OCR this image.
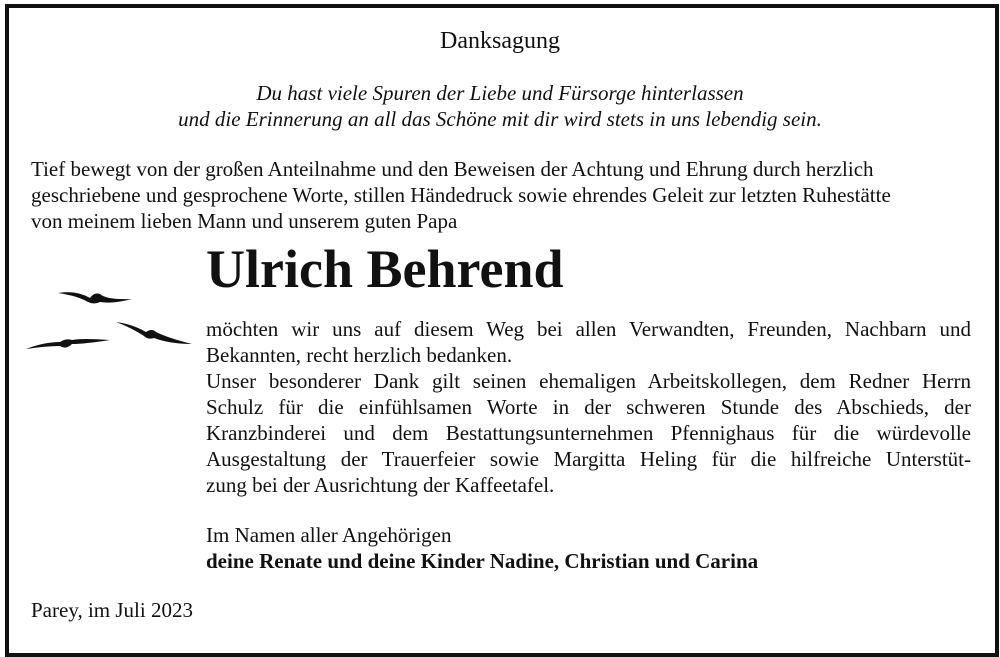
Danksagung
Du hast viele Spuren der Liebe und Fürsorge hinterlassen
und die Erinnerung an all das Schöne mit dir wird stets in uns lebendig sein.
Tief bewegt von der großen Anteilnahme und den Beweisen der Achtung und Ehrung durch herzlich
geschriebene und gesprochene Worte, stillen Händedruck sowie ehrendes Geleit zur letzten Ruhestätte
von meinem lieben Mann und unserem guten Papa
Ulrich Behrend
möchten wir uns auf diesem Weg bei allen Verwandten, Freunden, Nachbarn und
Bekannten, recht herzlich bedanken.
Unser besonderer Dank gilt seinen ehemaligen Arbeitskollegen, dem Redner Herrn
Schulz für die einfühlsamen Worte in der schweren Stunde des Abschieds, der
Kranzbinderei und dem Bestattungsunternehmen Pfennighaus für die würdevolle
Ausgestaltung der Trauerfeier sowie Margitta Heling für die hilfreiche Unterstüt-
zung bei der Ausrichtung der Kaffeetafel.
Im Namen aller Angehörigen
deine Renate und deine Kinder Nadine, Christian und Carina
Parey, im Juli 2023
